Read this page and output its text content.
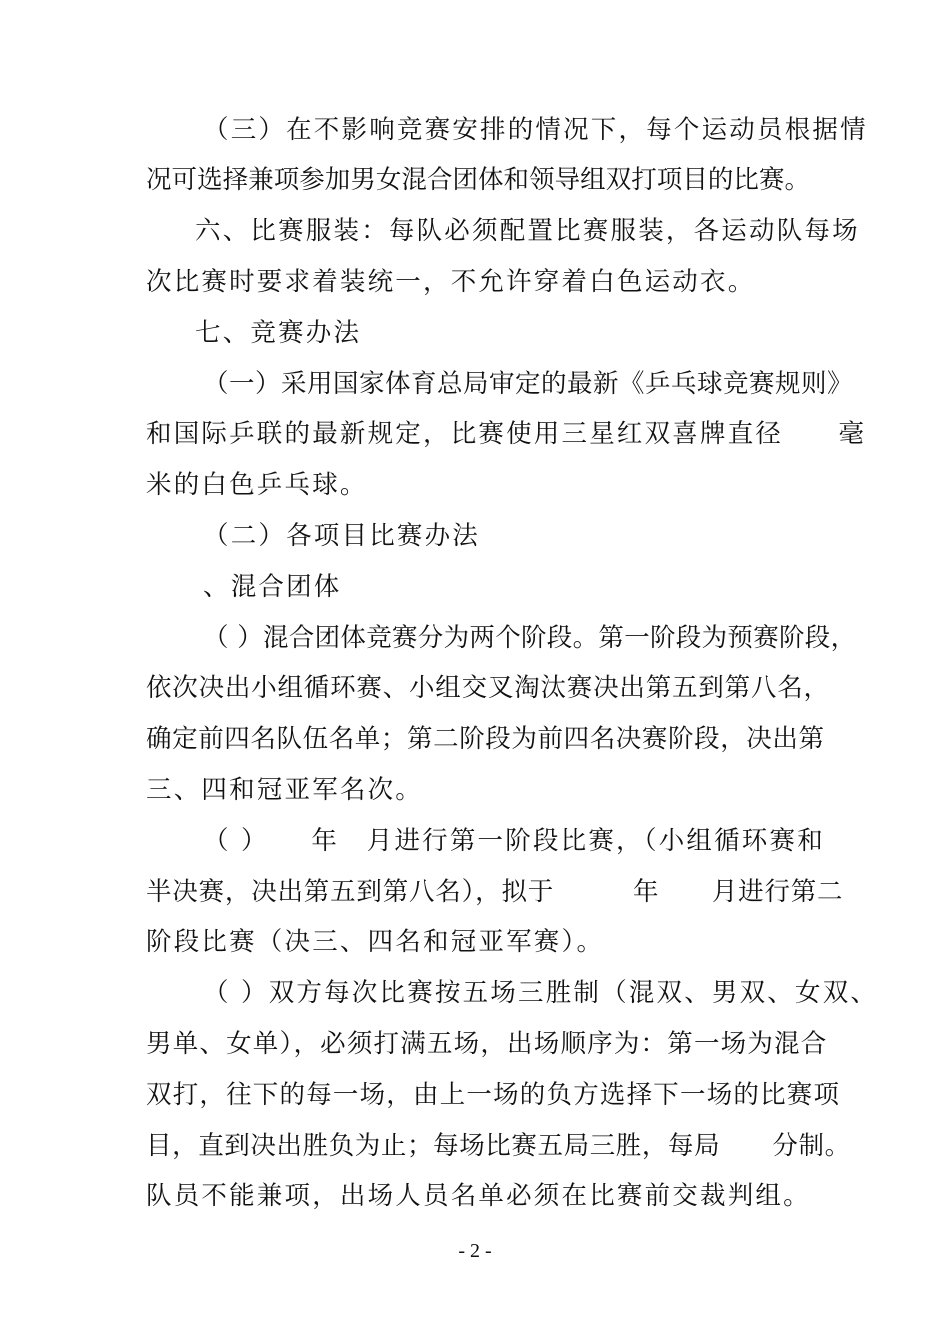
（三）在不影响竞赛安排的情况下，每个运动员根据情
况可选择兼项参加男女混合团体和领导组双打项目的比赛。
六、比赛服装：每队必须配置比赛服装，各运动队每场
次比赛时要求着装统一，不允许穿着白色运动衣。
七、竞赛办法
（一）采用国家体育总局审定的最新《乒乓球竞赛规则》
和国际乒联的最新规定，比赛使用三星红双喜牌直径　　毫
米的白色乒乓球。
（二）各项目比赛办法
、混合团体
（ ）混合团体竞赛分为两个阶段。第一阶段为预赛阶段，
依次决出小组循环赛、小组交叉淘汰赛决出第五到第八名，
确定前四名队伍名单；第二阶段为前四名决赛阶段，决出第
三、四和冠亚军名次。
（ ）　　年　月进行第一阶段比赛，（小组循环赛和
半决赛，决出第五到第八名），拟于　　　年　　月进行第二
阶段比赛（决三、四名和冠亚军赛）。
（ ）双方每次比赛按五场三胜制（混双、男双、女双、
男单、女单），必须打满五场，出场顺序为：第一场为混合
双打，往下的每一场，由上一场的负方选择下一场的比赛项
目，直到决出胜负为止；每场比赛五局三胜，每局　　分制。
队员不能兼项，出场人员名单必须在比赛前交裁判组。
- 2 -
